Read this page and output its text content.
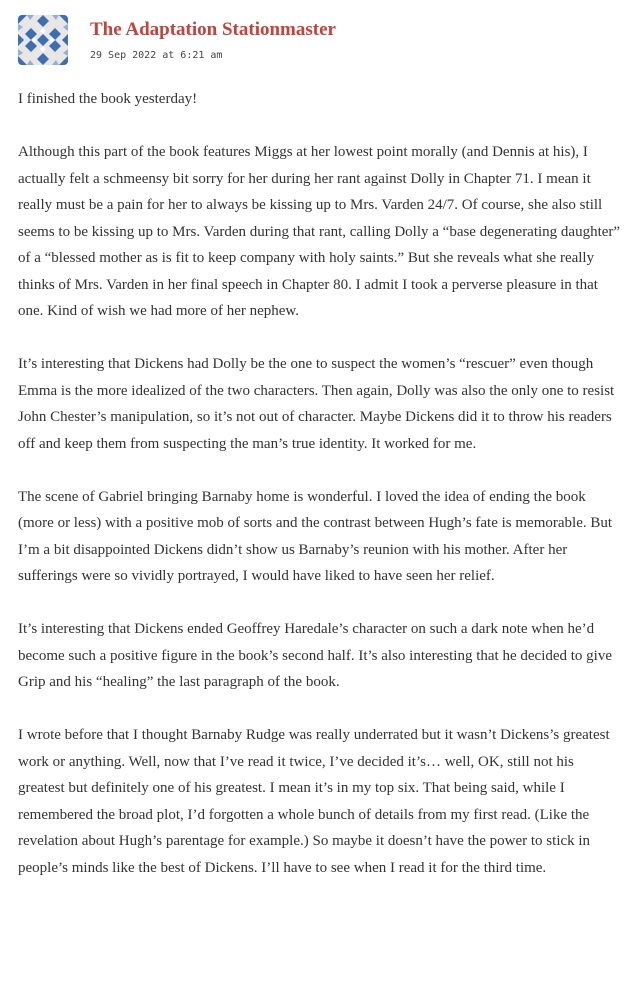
The Adaptation Stationmaster
29 Sep 2022 at 6:21 am

I finished the book yesterday!

Although this part of the book features Miggs at her lowest point morally (and Dennis at his), I actually felt a schmeensy bit sorry for her during her rant against Dolly in Chapter 71. I mean it really must be a pain for her to always be kissing up to Mrs. Varden 24/7. Of course, she also still seems to be kissing up to Mrs. Varden during that rant, calling Dolly a “base degenerating daughter” of a “blessed mother as is fit to keep company with holy saints.” But she reveals what she really thinks of Mrs. Varden in her final speech in Chapter 80. I admit I took a perverse pleasure in that one. Kind of wish we had more of her nephew.

It’s interesting that Dickens had Dolly be the one to suspect the women’s “rescuer” even though Emma is the more idealized of the two characters. Then again, Dolly was also the only one to resist John Chester’s manipulation, so it’s not out of character. Maybe Dickens did it to throw his readers off and keep them from suspecting the man’s true identity. It worked for me.

The scene of Gabriel bringing Barnaby home is wonderful. I loved the idea of ending the book (more or less) with a positive mob of sorts and the contrast between Hugh’s fate is memorable. But I’m a bit disappointed Dickens didn’t show us Barnaby’s reunion with his mother. After her sufferings were so vividly portrayed, I would have liked to have seen her relief.

It’s interesting that Dickens ended Geoffrey Haredale’s character on such a dark note when he’d become such a positive figure in the book’s second half. It’s also interesting that he decided to give Grip and his “healing” the last paragraph of the book.

I wrote before that I thought Barnaby Rudge was really underrated but it wasn’t Dickens’s greatest work or anything. Well, now that I’ve read it twice, I’ve decided it’s… well, OK, still not his greatest but definitely one of his greatest. I mean it’s in my top six. That being said, while I remembered the broad plot, I’d forgotten a whole bunch of details from my first read. (Like the revelation about Hugh’s parentage for example.) So maybe it doesn’t have the power to stick in people’s minds like the best of Dickens. I’ll have to see when I read it for the third time.
